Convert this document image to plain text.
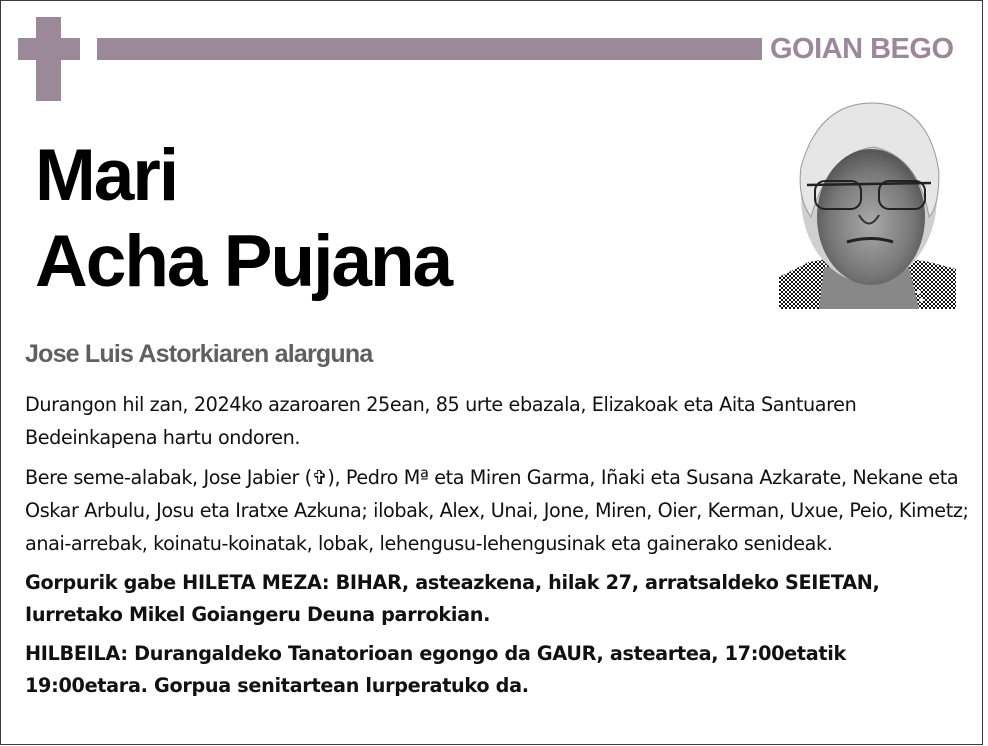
GOIAN BEGO
Mari
Acha Pujana
Jose Luis Astorkiaren alarguna

Durangon hil zan, 2024ko azaroaren 25ean, 85 urte ebazala, Elizakoak eta Aita Santuaren Bedeinkapena hartu ondoren.

Bere seme-alabak, Jose Jabier (✞), Pedro Mª eta Miren Garma, Iñaki eta Susana Azkarate, Nekane eta Oskar Arbulu, Josu eta Iratxe Azkuna; ilobak, Alex, Unai, Jone, Miren, Oier, Kerman, Uxue, Peio, Kimetz; anai-arrebak, koinatu-koinatak, lobak, lehengusu-lehengusinak eta gainerako senideak.

Gorpurik gabe HILETA MEZA: BIHAR, asteazkena, hilak 27, arratsaldeko SEIETAN, Iurretako Mikel Goiangeru Deuna parrokian.

HILBEILA: Durangaldeko Tanatorioan egongo da GAUR, asteartea, 17:00etatik 19:00etara. Gorpua senitartean lurperatuko da.
